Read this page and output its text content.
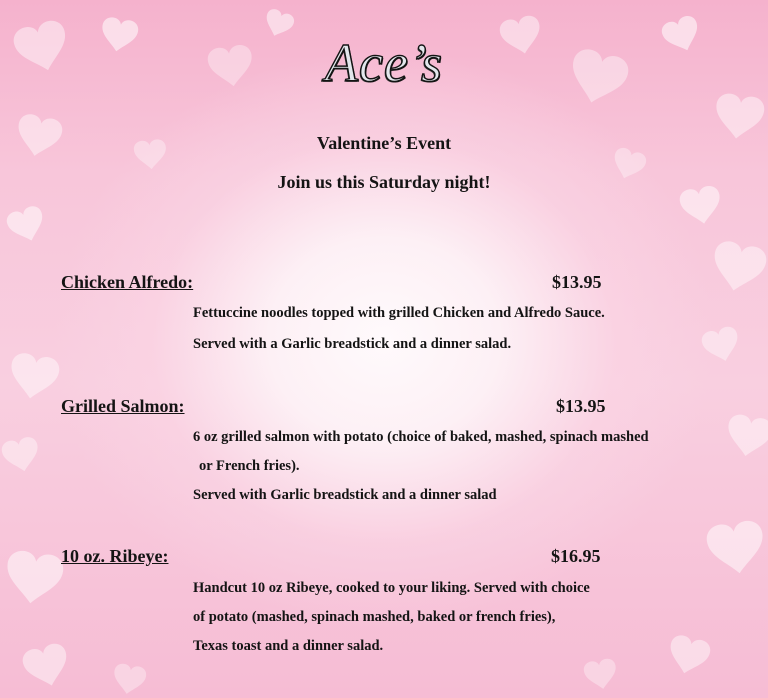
Ace’s
Valentine’s Event
Join us this Saturday night!
Chicken Alfredo:	$13.95
Fettuccine noodles topped with grilled Chicken and Alfredo Sauce.
Served with a Garlic breadstick and a dinner salad.
Grilled Salmon:	$13.95
6 oz grilled salmon with potato (choice of baked, mashed, spinach mashed
or French fries).
Served with Garlic breadstick and a dinner salad
10 oz. Ribeye:	$16.95
Handcut 10 oz Ribeye, cooked to your liking. Served with choice
of potato (mashed, spinach mashed, baked or french fries),
Texas toast and a dinner salad.
